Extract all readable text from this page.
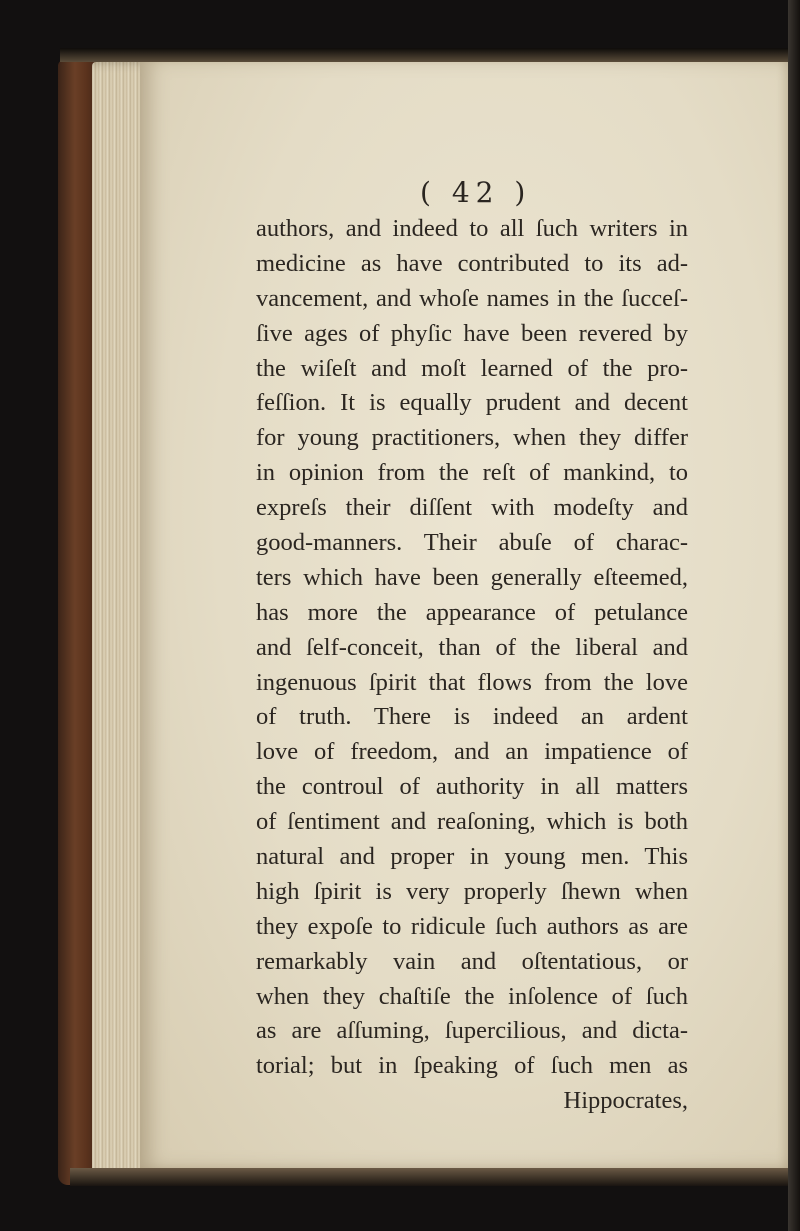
( 42 )
authors, and indeed to all ſuch writers in
medicine as have contributed to its ad-
vancement, and whoſe names in the ſucceſ-
ſive ages of phyſic have been revered by
the wiſeſt and moſt learned of the pro-
feſſion. It is equally prudent and decent
for young practitioners, when they differ
in opinion from the reſt of mankind, to
expreſs their diſſent with modeſty and
good-manners. Their abuſe of charac-
ters which have been generally eſteemed,
has more the appearance of petulance
and ſelf-conceit, than of the liberal and
ingenuous ſpirit that flows from the love
of truth. There is indeed an ardent
love of freedom, and an impatience of
the controul of authority in all matters
of ſentiment and reaſoning, which is both
natural and proper in young men. This
high ſpirit is very properly ſhewn when
they expoſe to ridicule ſuch authors as are
remarkably vain and oſtentatious, or
when they chaſtiſe the inſolence of ſuch
as are aſſuming, ſupercilious, and dicta-
torial; but in ſpeaking of ſuch men as
Hippocrates,
